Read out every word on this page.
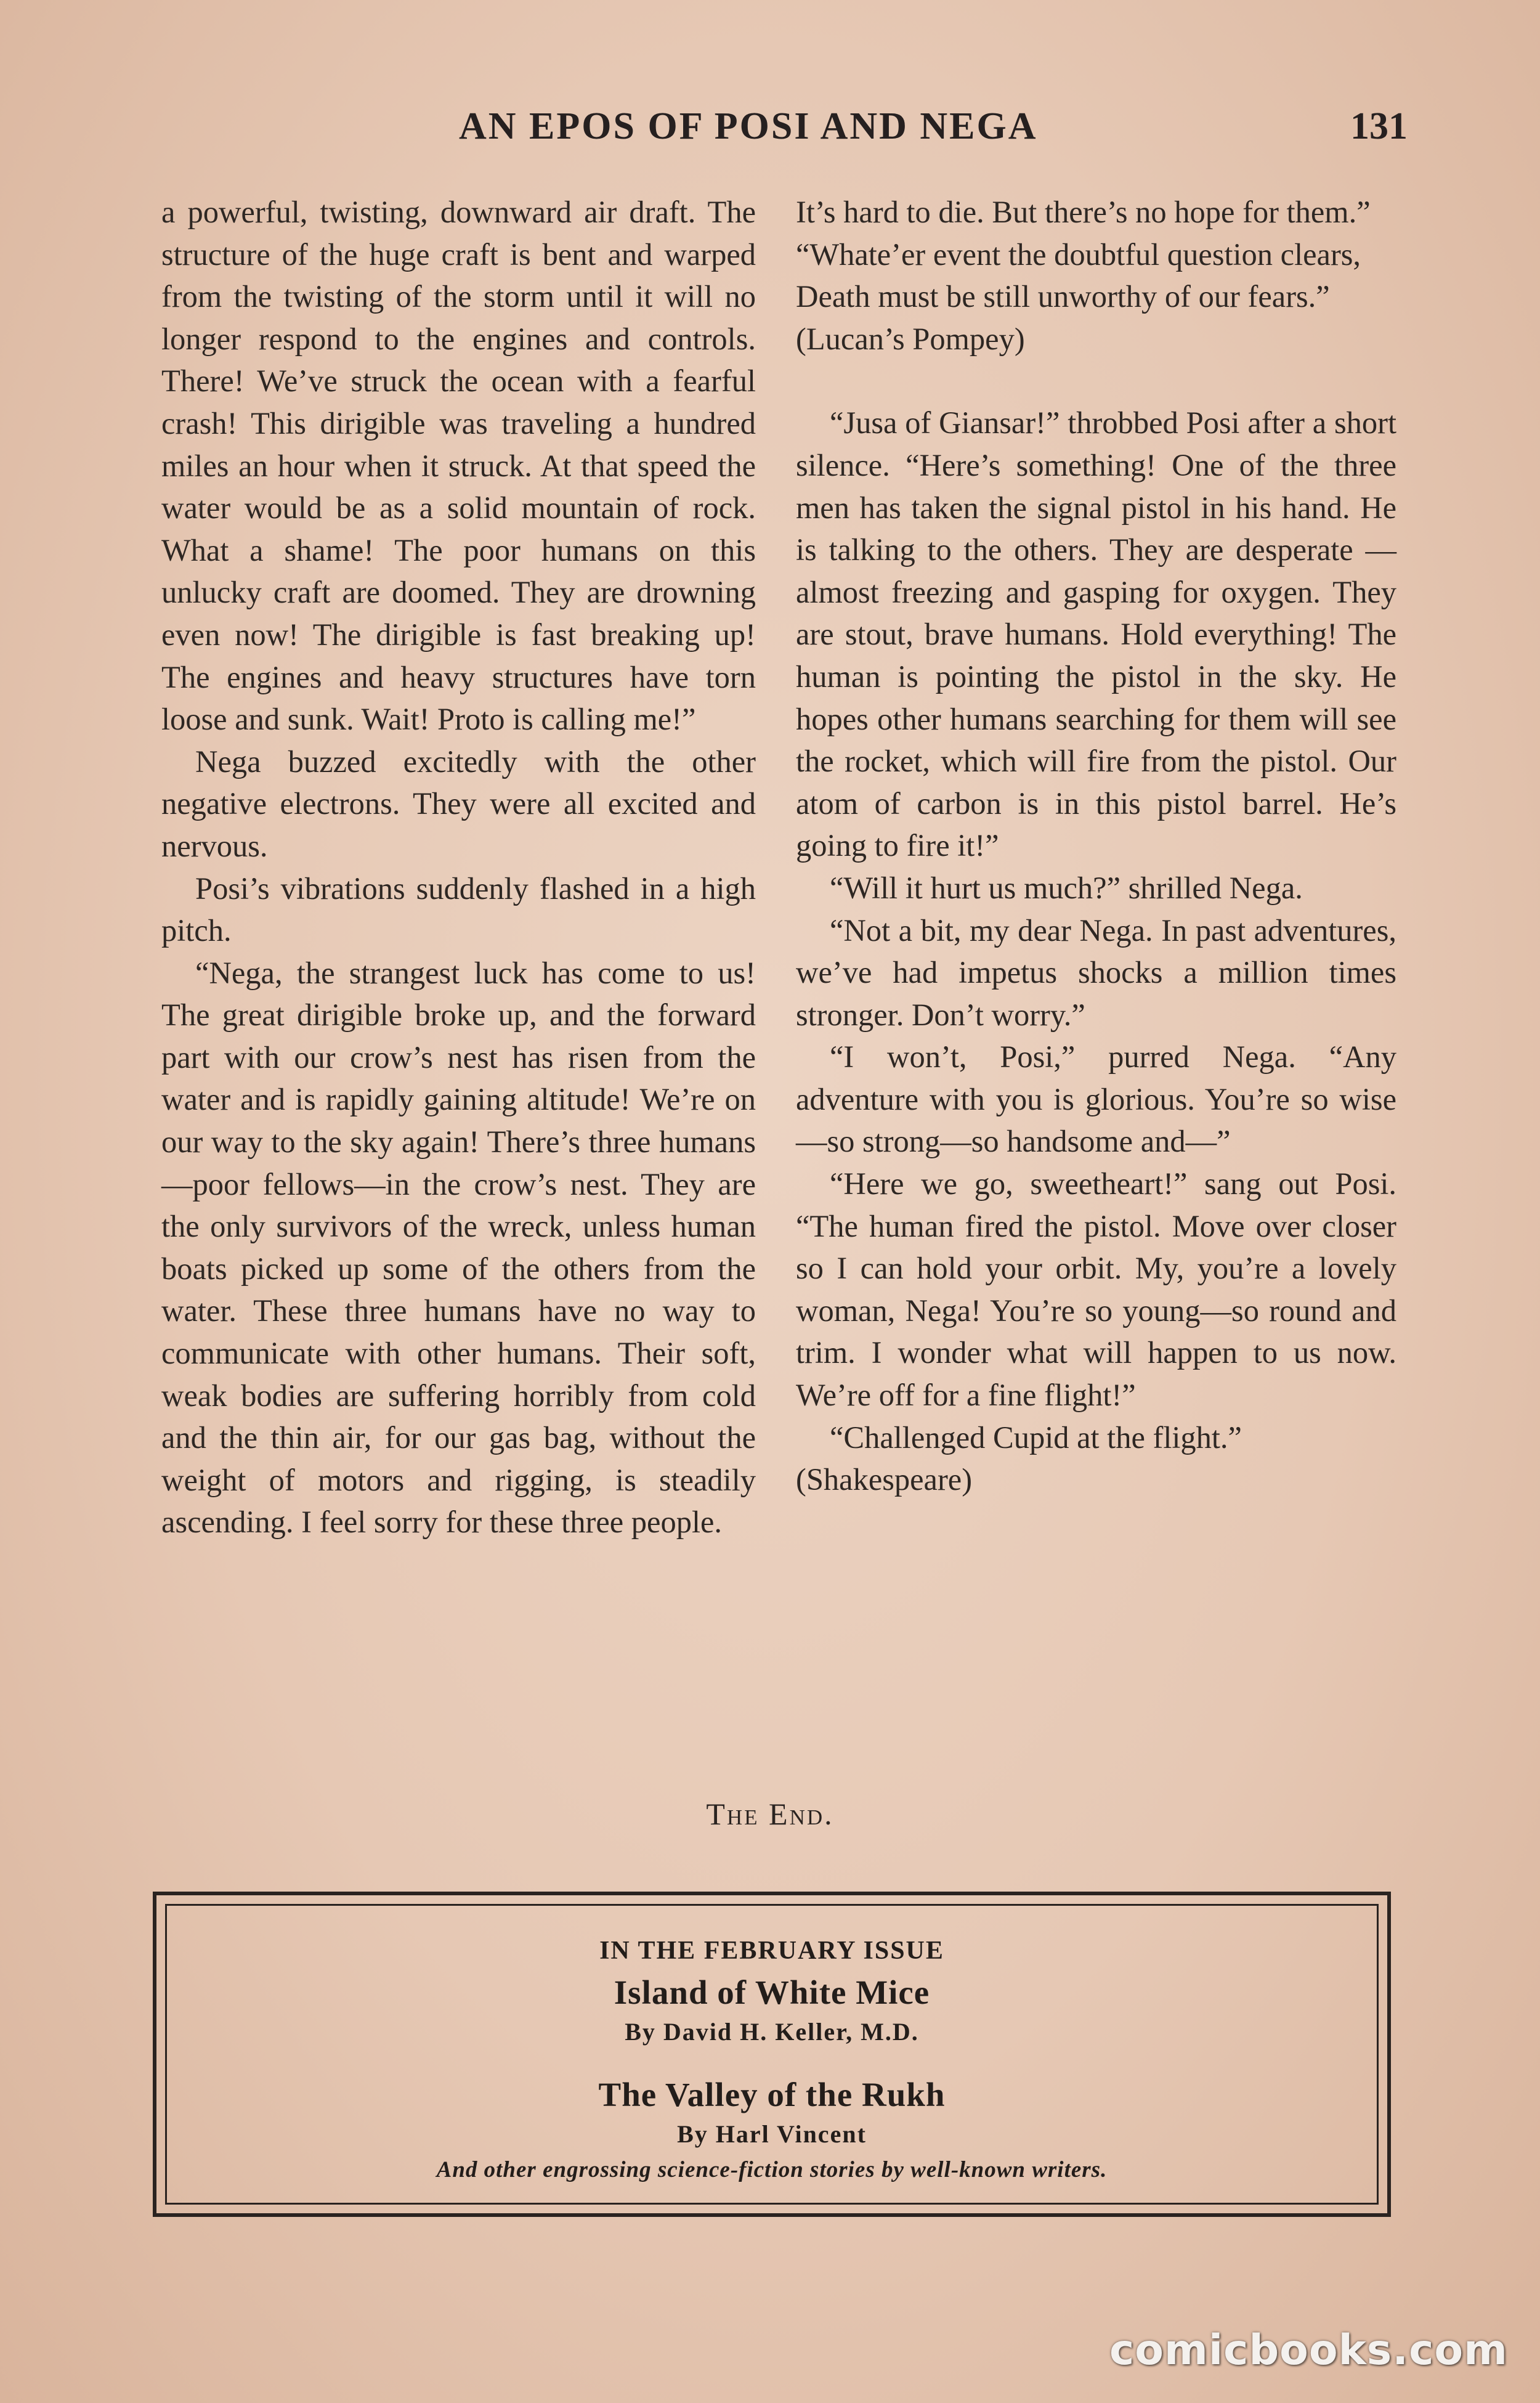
AN EPOS OF POSI AND NEGA	131

a powerful, twisting, downward air draft. The structure of the huge craft is bent and warped from the twisting of the storm until it will no longer respond to the engines and controls. There! We’ve struck the ocean with a fearful crash! This dirigible was traveling a hundred miles an hour when it struck. At that speed the water would be as a solid mountain of rock. What a shame! The poor humans on this unlucky craft are doomed. They are drowning even now! The dirigible is fast breaking up! The engines and heavy structures have torn loose and sunk. Wait! Proto is calling me!”

Nega buzzed excitedly with the other negative electrons. They were all excited and nervous.

Posi’s vibrations suddenly flashed in a high pitch.

“Nega, the strangest luck has come to us! The great dirigible broke up, and the forward part with our crow’s nest has risen from the water and is rapidly gaining altitude! We’re on our way to the sky again! There’s three humans—poor fellows—in the crow’s nest. They are the only survivors of the wreck, unless human boats picked up some of the others from the water. These three humans have no way to communicate with other humans. Their soft, weak bodies are suffering horribly from cold and the thin air, for our gas bag, without the weight of motors and rigging, is steadily ascending. I feel sorry for these three people.

It’s hard to die. But there’s no hope for them.”

“Whate’er event the doubtful question clears,

Death must be still unworthy of our fears.”

(Lucan’s Pompey)

“Jusa of Giansar!” throbbed Posi after a short silence. “Here’s something! One of the three men has taken the signal pistol in his hand. He is talking to the others. They are desperate — almost freezing and gasping for oxygen. They are stout, brave humans. Hold everything! The human is pointing the pistol in the sky. He hopes other humans searching for them will see the rocket, which will fire from the pistol. Our atom of carbon is in this pistol barrel. He’s going to fire it!”

“Will it hurt us much?” shrilled Nega.

“Not a bit, my dear Nega. In past adventures, we’ve had impetus shocks a million times stronger. Don’t worry.”

“I won’t, Posi,” purred Nega. “Any adventure with you is glorious. You’re so wise—so strong—so handsome and—”

“Here we go, sweetheart!” sang out Posi. “The human fired the pistol. Move over closer so I can hold your orbit. My, you’re a lovely woman, Nega! You’re so young—so round and trim. I wonder what will happen to us now. We’re off for a fine flight!”

“Challenged Cupid at the flight.”

(Shakespeare)

The End.
IN THE FEBRUARY ISSUE
Island of White Mice
By David H. Keller, M.D.
The Valley of the Rukh
By Harl Vincent
And other engrossing science-fiction stories by well-known writers.
comicbooks.com
